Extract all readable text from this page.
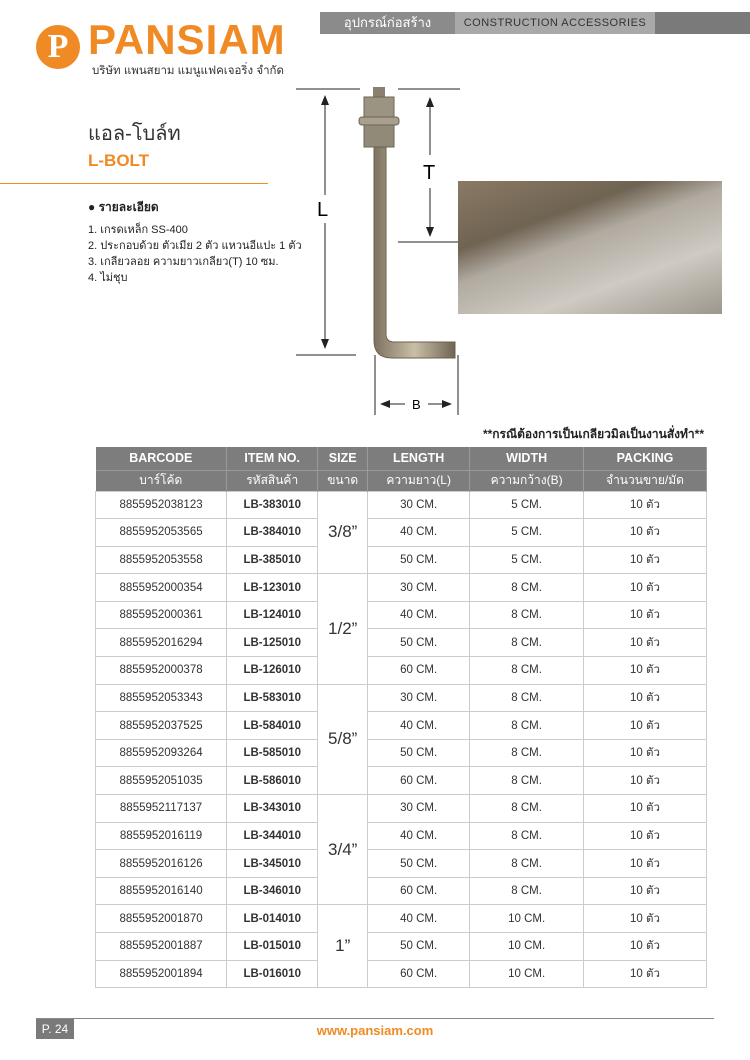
P PANSIAM
บริษัท แพนสยาม แมนูแฟคเจอริ่ง จำกัด
อุปกรณ์ก่อสร้าง	CONSTRUCTION ACCESSORIES
แอล-โบล์ท
L-BOLT
● รายละเอียด
1. เกรดเหล็ก SS-400
2. ประกอบด้วย ตัวเมีย 2 ตัว แหวนอีแปะ 1 ตัว
3. เกลียวลอย ความยาวเกลียว(T) 10 ซม.
4. ไม่ชุบ
L
T
B
**กรณีต้องการเป็นเกลียวมิลเป็นงานสั่งทำ**
BARCODE	ITEM NO.	SIZE	LENGTH	WIDTH	PACKING
บาร์โค้ด	รหัสสินค้า	ขนาด	ความยาว(L)	ความกว้าง(B)	จำนวนขาย/มัด
8855952038123	LB-383010	3/8”	30 CM.	5 CM.	10 ตัว
8855952053565	LB-384010		40 CM.	5 CM.	10 ตัว
8855952053558	LB-385010		50 CM.	5 CM.	10 ตัว
8855952000354	LB-123010	1/2”	30 CM.	8 CM.	10 ตัว
8855952000361	LB-124010		40 CM.	8 CM.	10 ตัว
8855952016294	LB-125010		50 CM.	8 CM.	10 ตัว
8855952000378	LB-126010		60 CM.	8 CM.	10 ตัว
8855952053343	LB-583010	5/8”	30 CM.	8 CM.	10 ตัว
8855952037525	LB-584010		40 CM.	8 CM.	10 ตัว
8855952093264	LB-585010		50 CM.	8 CM.	10 ตัว
8855952051035	LB-586010		60 CM.	8 CM.	10 ตัว
8855952117137	LB-343010	3/4”	30 CM.	8 CM.	10 ตัว
8855952016119	LB-344010		40 CM.	8 CM.	10 ตัว
8855952016126	LB-345010		50 CM.	8 CM.	10 ตัว
8855952016140	LB-346010		60 CM.	8 CM.	10 ตัว
8855952001870	LB-014010	1”	40 CM.	10 CM.	10 ตัว
8855952001887	LB-015010		50 CM.	10 CM.	10 ตัว
8855952001894	LB-016010		60 CM.	10 CM.	10 ตัว
P. 24	www.pansiam.com
